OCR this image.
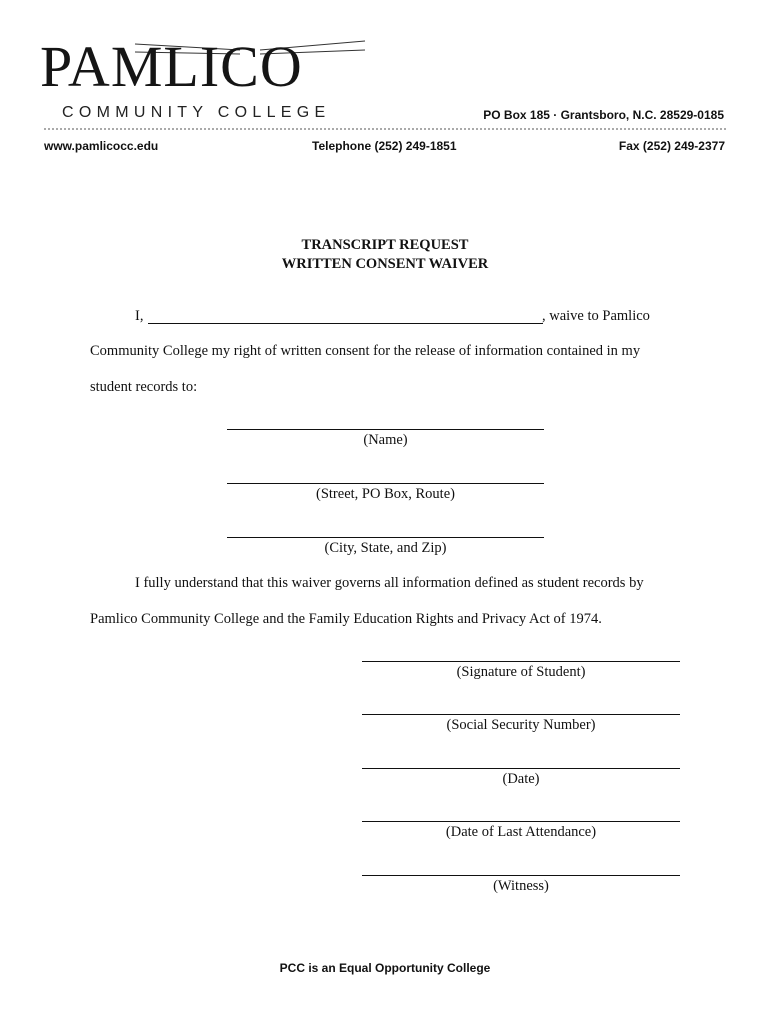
PAMLICO
COMMUNITY COLLEGE	PO Box 185 · Grantsboro, N.C. 28529-0185
www.pamlicocc.edu	Telephone (252) 249-1851	Fax (252) 249-2377
TRANSCRIPT REQUEST
WRITTEN CONSENT WAIVER
I,	, waive to Pamlico
Community College my right of written consent for the release of information contained in my
student records to:
(Name)
(Street, PO Box, Route)
(City, State, and Zip)
I fully understand that this waiver governs all information defined as student records by
Pamlico Community College and the Family Education Rights and Privacy Act of 1974.
(Signature of Student)
(Social Security Number)
(Date)
(Date of Last Attendance)
(Witness)
PCC is an Equal Opportunity College
